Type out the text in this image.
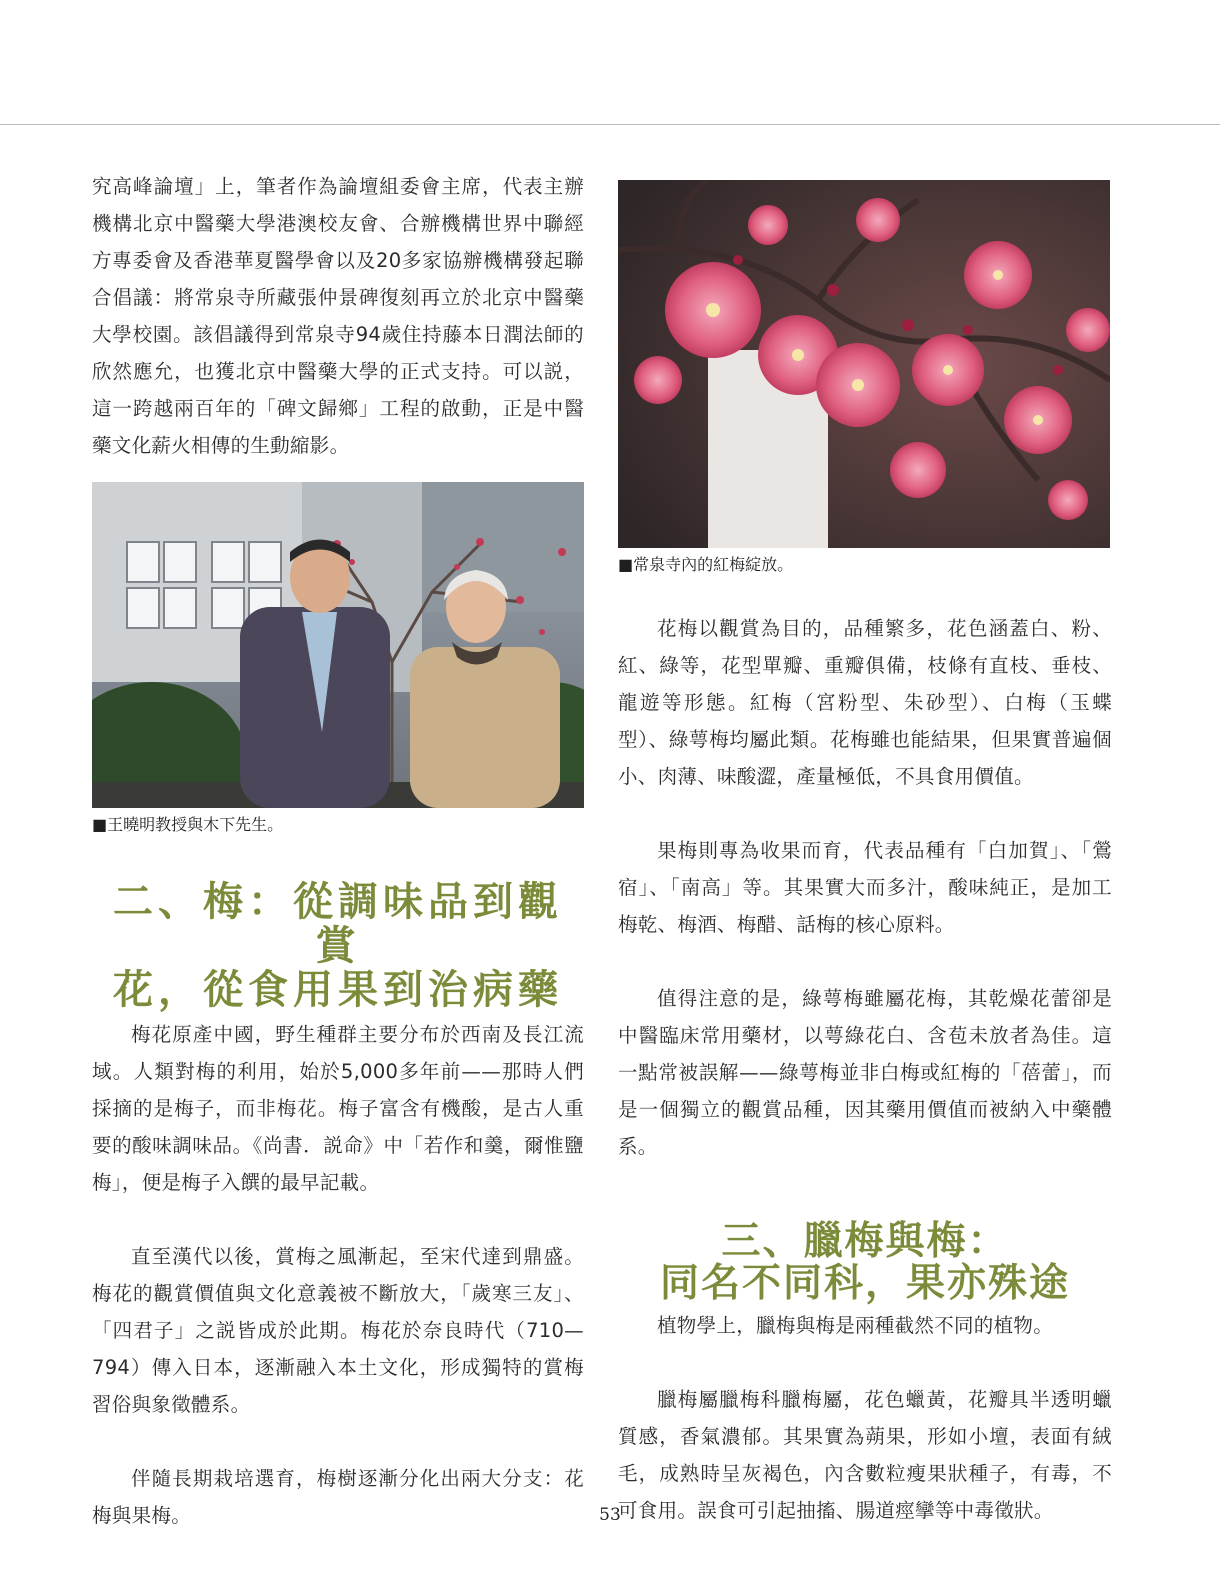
究高峰論壇」上，筆者作為論壇組委會主席，代表主辦機構北京中醫藥大學港澳校友會、合辦機構世界中聯經方專委會及香港華夏醫學會以及20多家協辦機構發起聯合倡議：將常泉寺所藏張仲景碑復刻再立於北京中醫藥大學校園。該倡議得到常泉寺94歲住持藤本日潤法師的欣然應允，也獲北京中醫藥大學的正式支持。可以説，這一跨越兩百年的「碑文歸鄉」工程的啟動，正是中醫藥文化薪火相傳的生動縮影。

■王曉明教授與木下先生。

二、梅：從調味品到觀賞

花，從食用果到治病藥

梅花原產中國，野生種群主要分布於西南及長江流域。人類對梅的利用，始於5,000多年前——那時人們採摘的是梅子，而非梅花。梅子富含有機酸，是古人重要的酸味調味品。《尚書．説命》中「若作和羹，爾惟鹽梅」，便是梅子入饌的最早記載。

直至漢代以後，賞梅之風漸起，至宋代達到鼎盛。梅花的觀賞價值與文化意義被不斷放大，「歲寒三友」、「四君子」之説皆成於此期。梅花於奈良時代（710—794）傳入日本，逐漸融入本土文化，形成獨特的賞梅習俗與象徵體系。

伴隨長期栽培選育，梅樹逐漸分化出兩大分支：花梅與果梅。

■常泉寺內的紅梅綻放。

花梅以觀賞為目的，品種繁多，花色涵蓋白、粉、紅、綠等，花型單瓣、重瓣俱備，枝條有直枝、垂枝、龍遊等形態。紅梅（宮粉型、朱砂型）、白梅（玉蝶型）、綠萼梅均屬此類。花梅雖也能結果，但果實普遍個小、肉薄、味酸澀，產量極低，不具食用價值。

果梅則專為收果而育，代表品種有「白加賀」、「鶯宿」、「南高」等。其果實大而多汁，酸味純正，是加工梅乾、梅酒、梅醋、話梅的核心原料。

值得注意的是，綠萼梅雖屬花梅，其乾燥花蕾卻是中醫臨床常用藥材，以萼綠花白、含苞未放者為佳。這一點常被誤解——綠萼梅並非白梅或紅梅的「蓓蕾」，而是一個獨立的觀賞品種，因其藥用價值而被納入中藥體系。

三、臘梅與梅：

同名不同科，果亦殊途

植物學上，臘梅與梅是兩種截然不同的植物。

臘梅屬臘梅科臘梅屬，花色蠟黃，花瓣具半透明蠟質感，香氣濃郁。其果實為蒴果，形如小壇，表面有絨毛，成熟時呈灰褐色，內含數粒瘦果狀種子，有毒，不可食用。誤食可引起抽搐、腸道痙攣等中毒徵狀。

53
